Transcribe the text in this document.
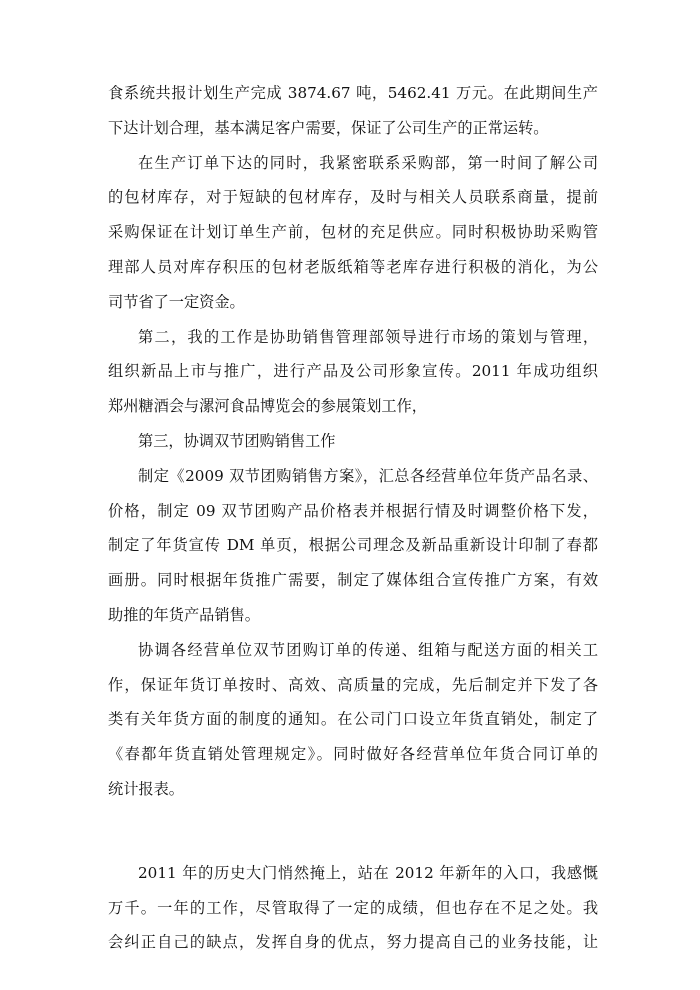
食系统共报计划生产完成 3874.67 吨，5462.41 万元。在此期间生产
下达计划合理，基本满足客户需要，保证了公司生产的正常运转。
在生产订单下达的同时，我紧密联系采购部，第一时间了解公司
的包材库存，对于短缺的包材库存，及时与相关人员联系商量，提前
采购保证在计划订单生产前，包材的充足供应。同时积极协助采购管
理部人员对库存积压的包材老版纸箱等老库存进行积极的消化，为公
司节省了一定资金。
第二，我的工作是协助销售管理部领导进行市场的策划与管理，
组织新品上市与推广，进行产品及公司形象宣传。2011 年成功组织
郑州糖酒会与漯河食品博览会的参展策划工作，
第三，协调双节团购销售工作
制定《2009 双节团购销售方案》，汇总各经营单位年货产品名录、
价格，制定 09 双节团购产品价格表并根据行情及时调整价格下发，
制定了年货宣传 DM 单页，根据公司理念及新品重新设计印制了春都
画册。同时根据年货推广需要，制定了媒体组合宣传推广方案，有效
助推的年货产品销售。
协调各经营单位双节团购订单的传递、组箱与配送方面的相关工
作，保证年货订单按时、高效、高质量的完成，先后制定并下发了各
类有关年货方面的制度的通知。在公司门口设立年货直销处，制定了
《春都年货直销处管理规定》。同时做好各经营单位年货合同订单的
统计报表。
2011 年的历史大门悄然掩上，站在 2012 年新年的入口，我感慨
万千。一年的工作，尽管取得了一定的成绩，但也存在不足之处。我
会纠正自己的缺点，发挥自身的优点，努力提高自己的业务技能，让
